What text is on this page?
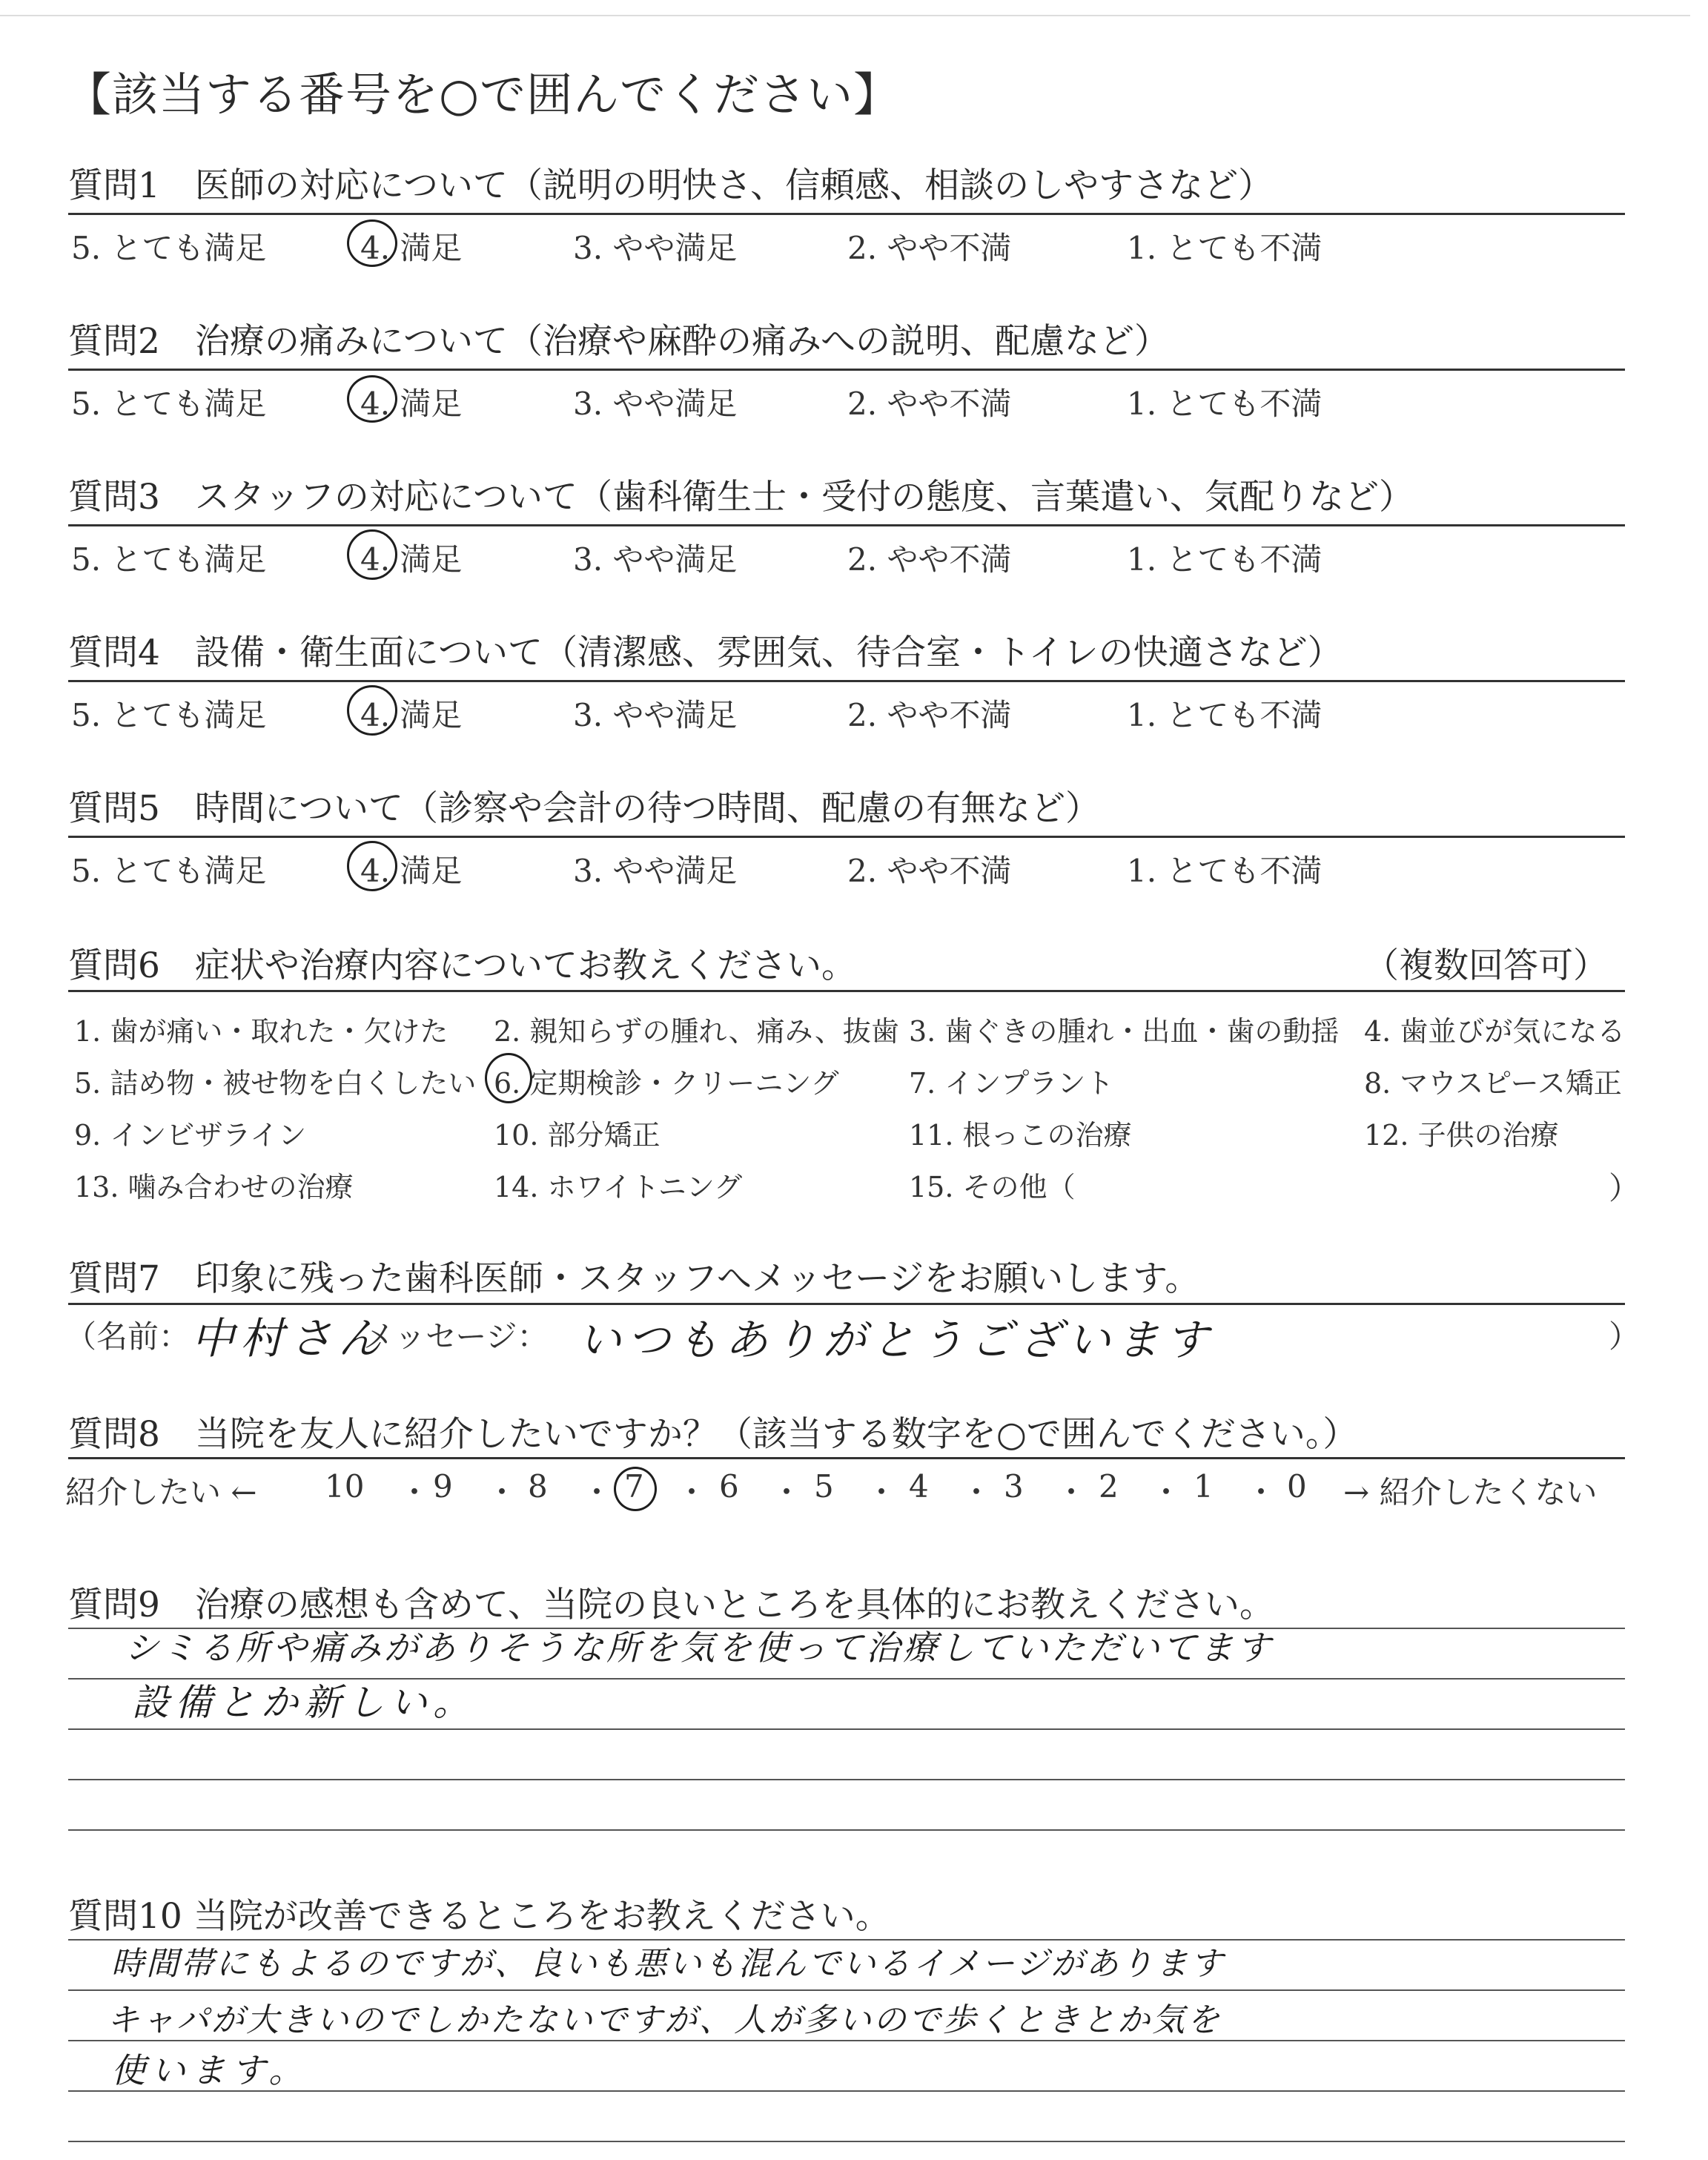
【該当する番号を○で囲んでください】
質問1　医師の対応について（説明の明快さ、信頼感、相談のしやすさなど）
5. とても満足	4. 満足	3. やや満足	2. やや不満	1. とても不満
質問2　治療の痛みについて（治療や麻酔の痛みへの説明、配慮など）
5. とても満足	4. 満足	3. やや満足	2. やや不満	1. とても不満
質問3　スタッフの対応について（歯科衛生士・受付の態度、言葉遣い、気配りなど）
5. とても満足	4. 満足	3. やや満足	2. やや不満	1. とても不満
質問4　設備・衛生面について（清潔感、雰囲気、待合室・トイレの快適さなど）
5. とても満足	4. 満足	3. やや満足	2. やや不満	1. とても不満
質問5　時間について（診察や会計の待つ時間、配慮の有無など）
5. とても満足	4. 満足	3. やや満足	2. やや不満	1. とても不満
質問6　症状や治療内容についてお教えください。	（複数回答可）
1. 歯が痛い・取れた・欠けた 2. 親知らずの腫れ、痛み、抜歯 3. 歯ぐきの腫れ・出血・歯の動揺 4. 歯並びが気になる
5. 詰め物・被せ物を白くしたい 6. 定期検診・クリーニング 7. インプラント	8. マウスピース矯正
9. インビザライン	10. 部分矯正	11. 根っこの治療	12. 子供の治療
13. 噛み合わせの治療	14. ホワイトニング	15. その他（	）
質問7　印象に残った歯科医師・スタッフへメッセージをお願いします。
（名前： 中村さん
メッセージ： いつもありがとうございます	）
質問8　当院を友人に紹介したいですか？（該当する数字を○で囲んでください。）
紹介したい ← 10 9 8 7 6 5 4 3 2 1 0
・ ・ ・ ・ ・ ・ ・ ・ ・ ・ → 紹介したくない
質問9　治療の感想も含めて、当院の良いところを具体的にお教えください。
シミる所や痛みがありそうな所を気を使って治療していただいてます
設備とか新しい。
質問10 当院が改善できるところをお教えください。
時間帯にもよるのですが、良いも悪いも混んでいるイメージがあります
キャパが大きいのでしかたないですが、人が多いので歩くときとか気を
使います。
